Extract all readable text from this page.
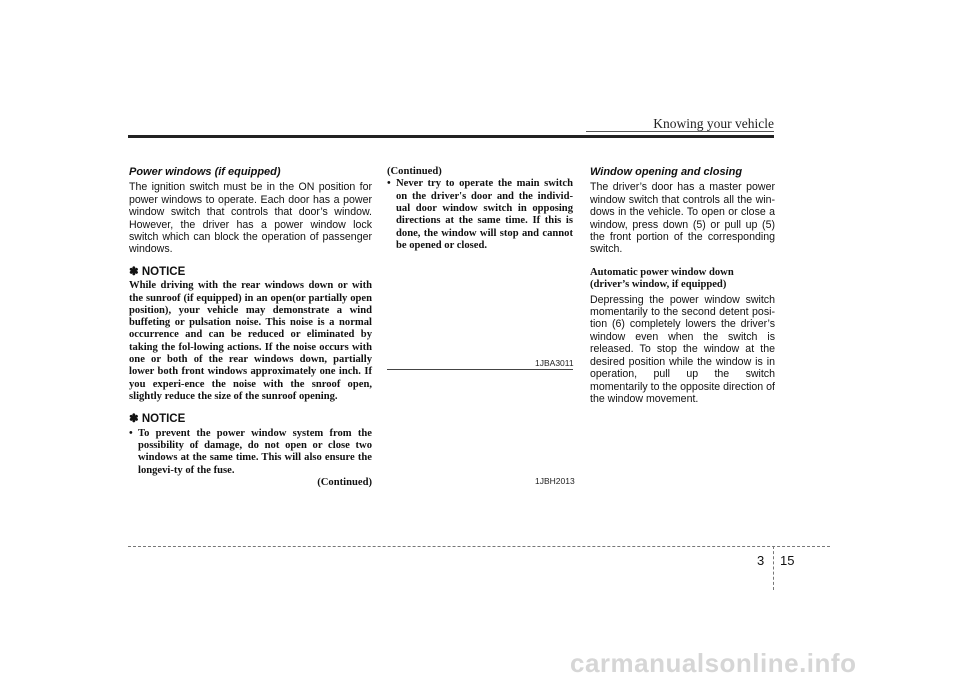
Knowing your vehicle
Power windows (if equipped)

The ignition switch must be in the ON position for power windows to operate. Each door has a power window switch that controls that door’s window. However, the driver has a power window lock switch which can block the operation of passenger windows.

✽ NOTICE

While driving with the rear windows down or with the sunroof (if equipped) in an open(or partially open position), your vehicle may demonstrate a wind buffeting or pulsation noise. This noise is a normal occurrence and can be reduced or eliminated by taking the fol-lowing actions. If the noise occurs with one or both of the rear windows down, partially lower both front windows approximately one inch. If you experi-ence the noise with the snroof open, slightly reduce the size of the sunroof opening.

✽ NOTICE
• To prevent the power window system from the possibility of damage, do not open or close two windows at the same time. This will also ensure the longevi-ty of the fuse.
(Continued)
(Continued)
• Never try to operate the main switch on the driver's door and the individ-ual door window switch in opposing directions at the same time. If this is done, the window will stop and cannot be opened or closed.
1JBA3011
1JBH2013
Window opening and closing

The driver’s door has a master power window switch that controls all the win-dows in the vehicle. To open or close a window, press down (5) or pull up (5) the front portion of the corresponding switch.

Automatic power window down
(driver’s window, if equipped)

Depressing the power window switch momentarily to the second detent posi-tion (6) completely lowers the driver’s window even when the switch is released. To stop the window at the desired position while the window is in operation, pull up the switch momentarily to the opposite direction of the window movement.

3 15
carmanualsonline.info
